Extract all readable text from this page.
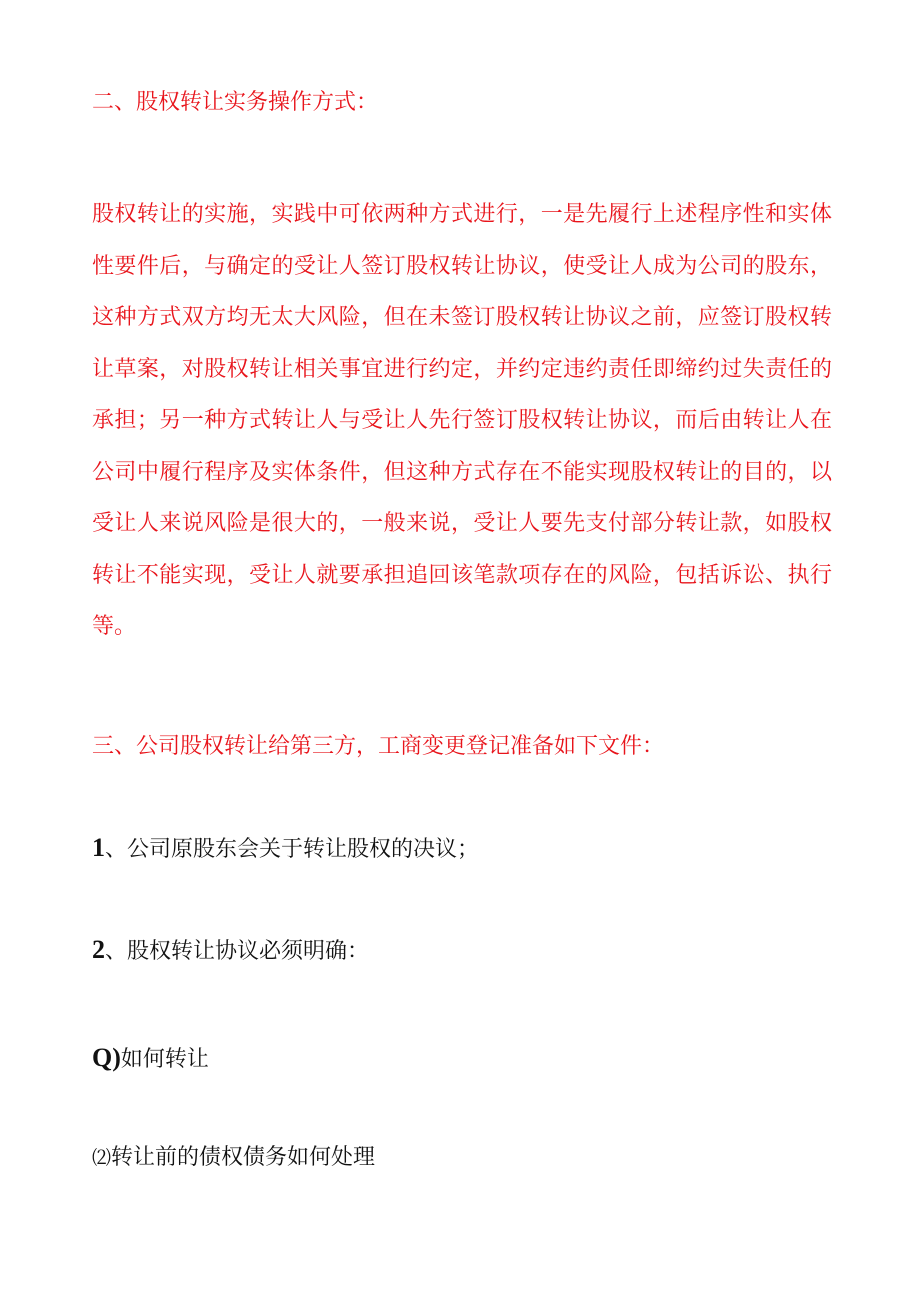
二、股权转让实务操作方式：
股权转让的实施，实践中可依两种方式进行，一是先履行上述程序性和实体性要件后，与确定的受让人签订股权转让协议，使受让人成为公司的股东，这种方式双方均无太大风险，但在未签订股权转让协议之前，应签订股权转让草案，对股权转让相关事宜进行约定，并约定违约责任即缔约过失责任的承担；另一种方式转让人与受让人先行签订股权转让协议，而后由转让人在公司中履行程序及实体条件，但这种方式存在不能实现股权转让的目的，以受让人来说风险是很大的，一般来说，受让人要先支付部分转让款，如股权转让不能实现，受让人就要承担追回该笔款项存在的风险，包括诉讼、执行等。
三、公司股权转让给第三方，工商变更登记准备如下文件：
1、公司原股东会关于转让股权的决议；
2、股权转让协议必须明确：
Q)如何转让
⑵转让前的债权债务如何处理
